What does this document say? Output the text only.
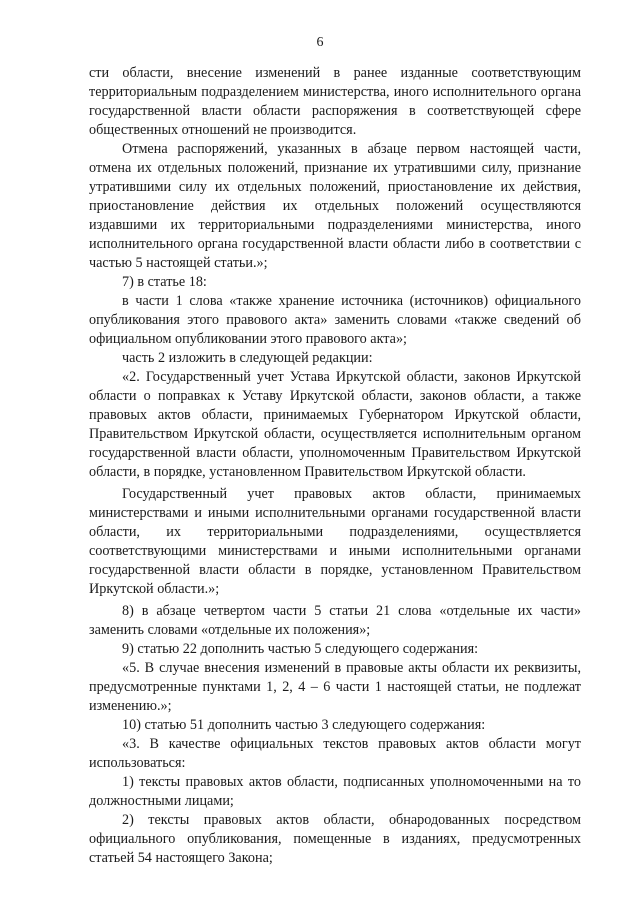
6

сти области, внесение изменений в ранее изданные соответствующим территориальным подразделением министерства, иного исполнительного органа государственной власти области распоряжения в соответствующей сфере общественных отношений не производится.

Отмена распоряжений, указанных в абзаце первом настоящей части, отмена их отдельных положений, признание их утратившими силу, признание утратившими силу их отдельных положений, приостановление их действия, приостановление действия их отдельных положений осуществляются издавшими их территориальными подразделениями министерства, иного исполнительного органа государственной власти области либо в соответствии с частью 5 настоящей статьи.»;

7) в статье 18:

в части 1 слова «также хранение источника (источников) официального опубликования этого правового акта» заменить словами «также сведений об официальном опубликовании этого правового акта»;

часть 2 изложить в следующей редакции:

«2. Государственный учет Устава Иркутской области, законов Иркутской области о поправках к Уставу Иркутской области, законов области, а также правовых актов области, принимаемых Губернатором Иркутской области, Правительством Иркутской области, осуществляется исполнительным органом государственной власти области, уполномоченным Правительством Иркутской области, в порядке, установленном Правительством Иркутской области.

Государственный учет правовых актов области, принимаемых министерствами и иными исполнительными органами государственной власти области, их территориальными подразделениями, осуществляется соответствующими министерствами и иными исполнительными органами государственной власти области в порядке, установленном Правительством Иркутской области.»;

8) в абзаце четвертом части 5 статьи 21 слова «отдельные их части» заменить словами «отдельные их положения»;

9) статью 22 дополнить частью 5 следующего содержания:

«5. В случае внесения изменений в правовые акты области их реквизиты, предусмотренные пунктами 1, 2, 4 – 6 части 1 настоящей статьи, не подлежат изменению.»;

10) статью 51 дополнить частью 3 следующего содержания:

«3. В качестве официальных текстов правовых актов области могут использоваться:

1) тексты правовых актов области, подписанных уполномоченными на то должностными лицами;

2) тексты правовых актов области, обнародованных посредством официального опубликования, помещенные в изданиях, предусмотренных статьей 54 настоящего Закона;
